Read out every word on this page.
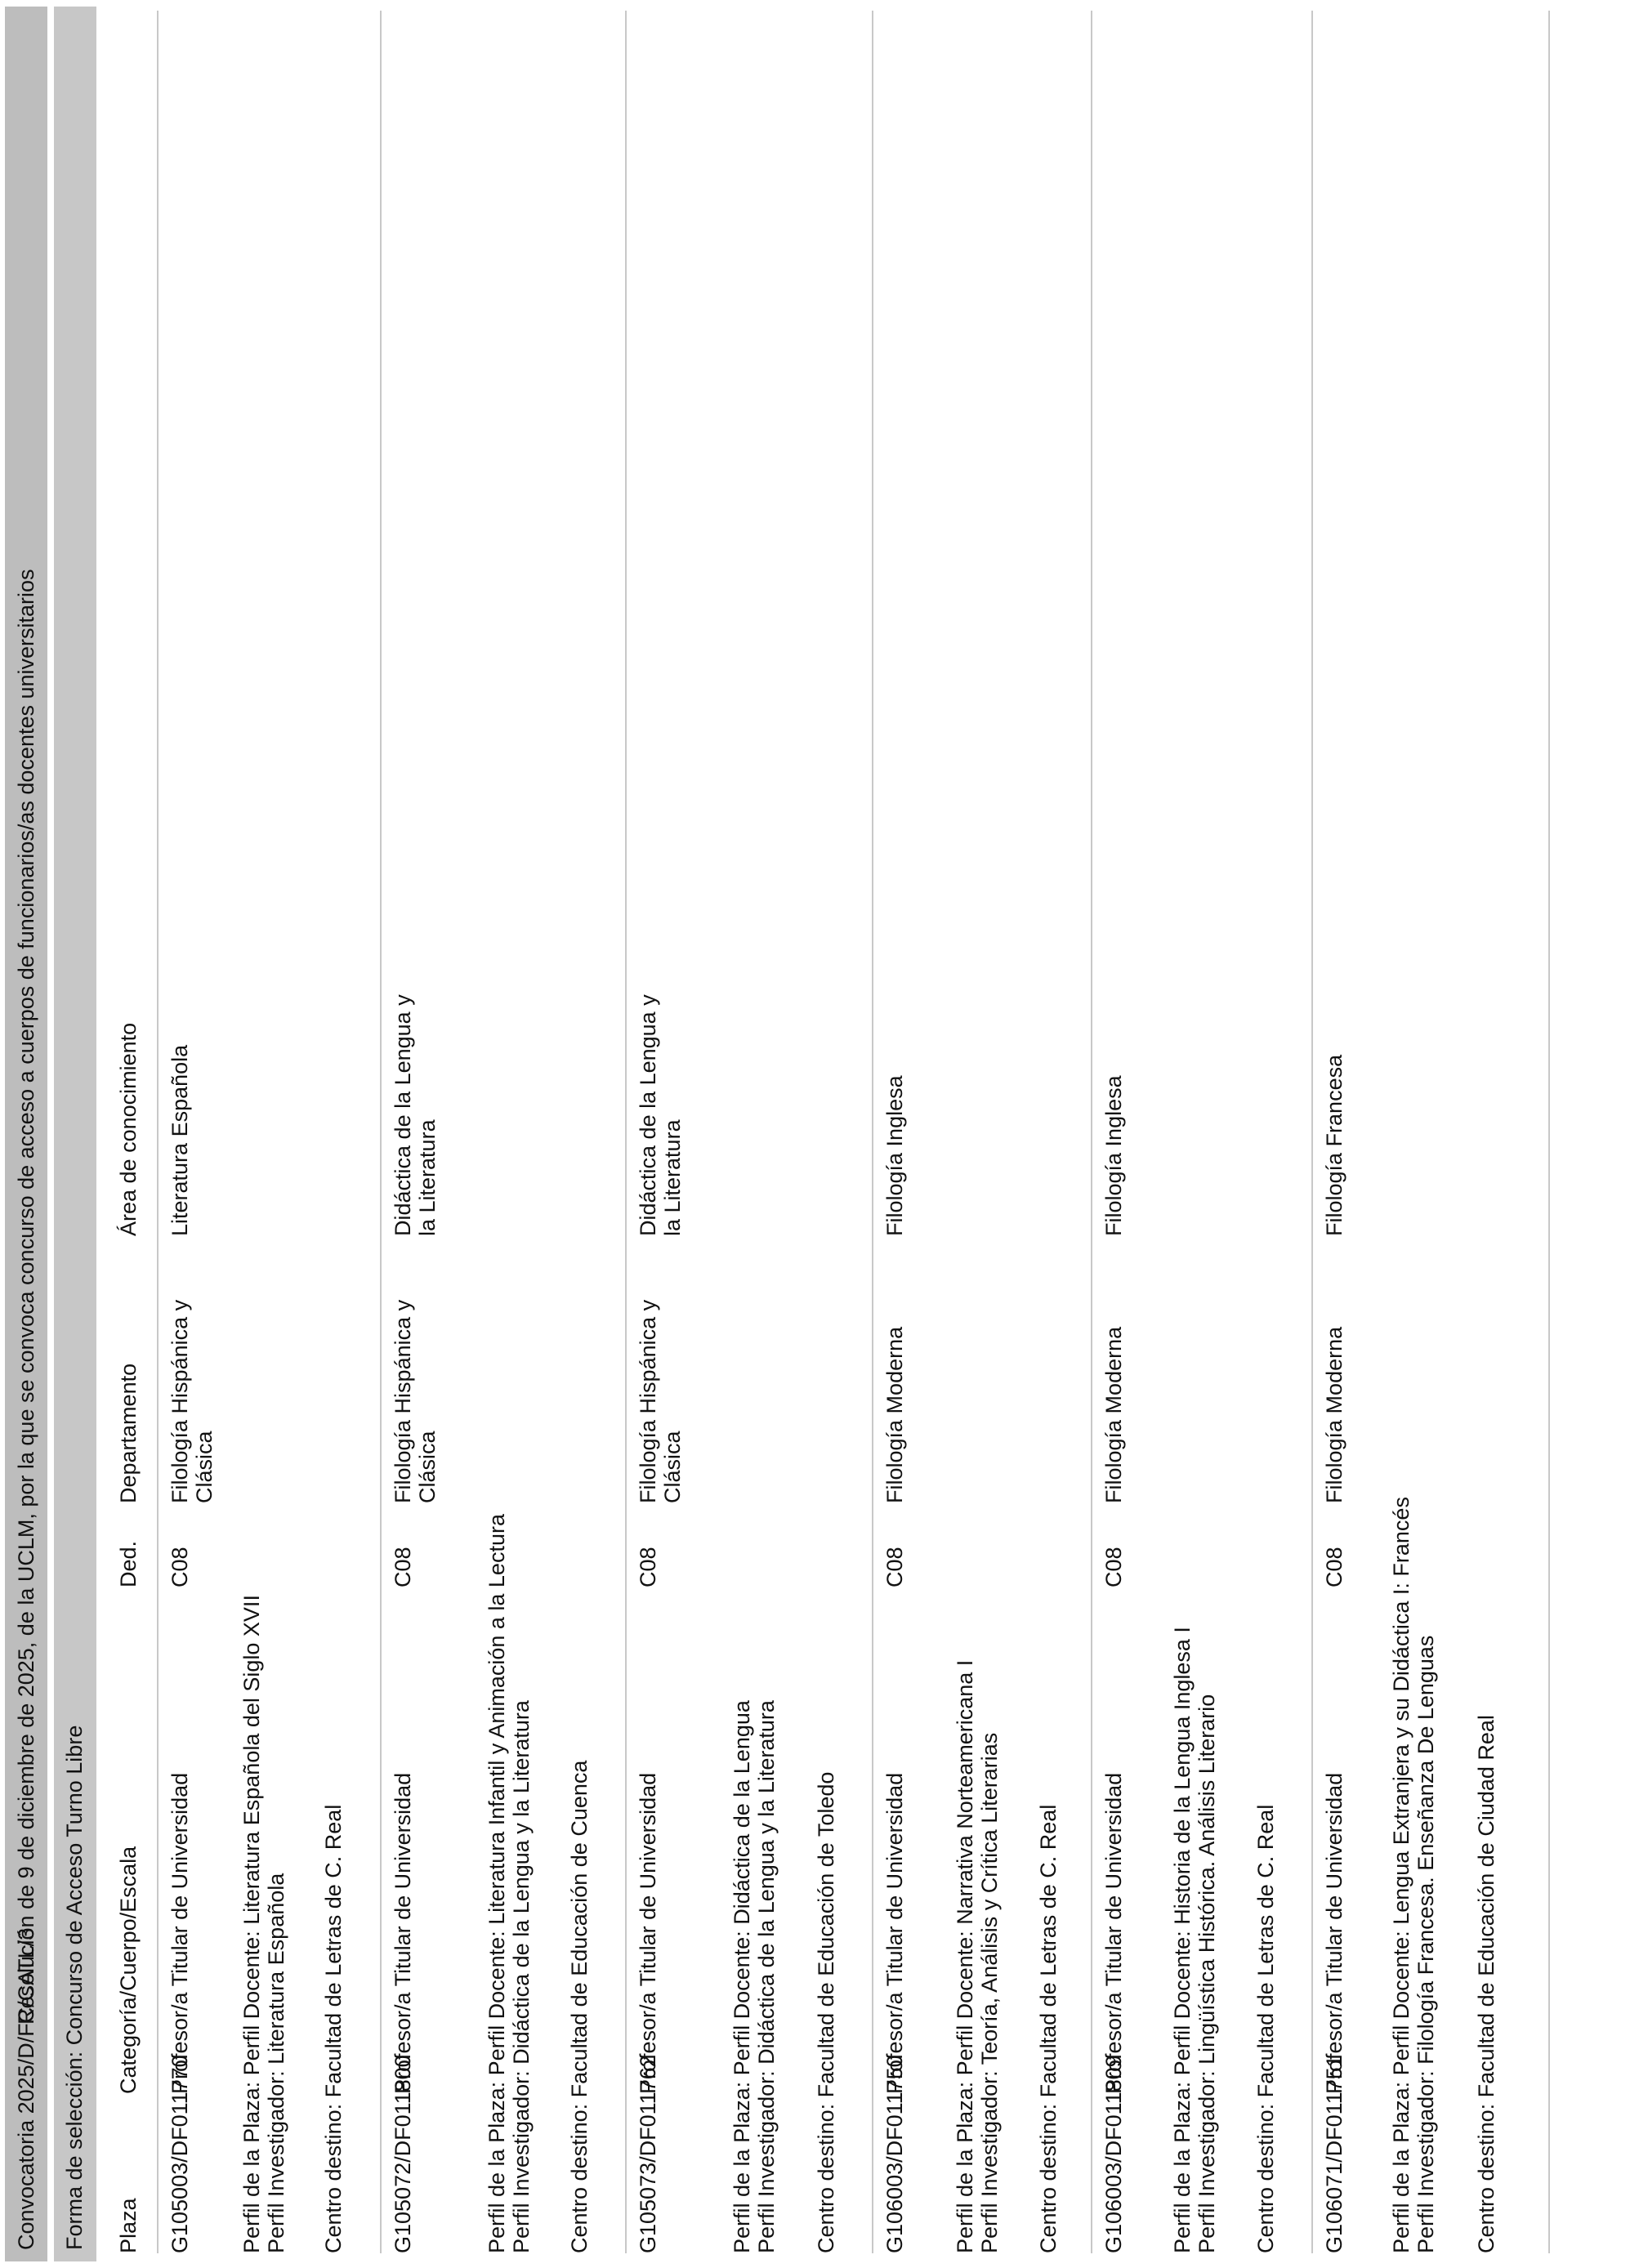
Convocatoria 2025/D/FC/CATL/3
Resolución de 9 de diciembre de 2025, de la UCLM, por la que se convoca concurso de acceso a cuerpos de funcionarios/as docentes universitarios Forma de selección: Concurso de Acceso Turno Libre Plaza
Categoría/Cuerpo/Escala
Ded.
Departamento
Área de conocimiento
G105003/DF011770
Profesor/a Titular de Universidad
C08
Filología Hispánica y Clásica
Literatura Española
Perfil de la Plaza: Perfil Docente: Literatura Española del Siglo XVII Perfil Investigador: Literatura Española Centro destino: Facultad de Letras de C. Real G105072/DF011800
Profesor/a Titular de Universidad
C08
Filología Hispánica y Clásica
Didáctica de la Lengua y la Literatura
Perfil de la Plaza: Perfil Docente: Literatura Infantil y Animación a la Lectura Perfil Investigador: Didáctica de la Lengua y la Literatura Centro destino: Facultad de Educación de Cuenca G105073/DF011762
Profesor/a Titular de Universidad
C08
Filología Hispánica y Clásica
Didáctica de la Lengua y la Literatura
Perfil de la Plaza: Perfil Docente: Didáctica de la Lengua Perfil Investigador: Didáctica de la Lengua y la Literatura Centro destino: Facultad de Educación de Toledo G106003/DF011750
Profesor/a Titular de Universidad
C08
Filología Moderna
Filología Inglesa
Perfil de la Plaza: Perfil Docente: Narrativa Norteamericana I Perfil Investigador: Teoría, Análisis y Crítica Literarias Centro destino: Facultad de Letras de C. Real G106003/DF011809
Profesor/a Titular de Universidad
C08
Filología Moderna
Filología Inglesa
Perfil de la Plaza: Perfil Docente: Historia de la Lengua Inglesa I Perfil Investigador: Lingüística Histórica. Análisis Literario Centro destino: Facultad de Letras de C. Real G106071/DF011751
Profesor/a Titular de Universidad
C08
Filología Moderna
Filología Francesa
Perfil de la Plaza: Perfil Docente: Lengua Extranjera y su Didáctica I: Francés Perfil Investigador: Filología Francesa. Enseñanza De Lenguas Centro destino: Facultad de Educación de Ciudad Real
